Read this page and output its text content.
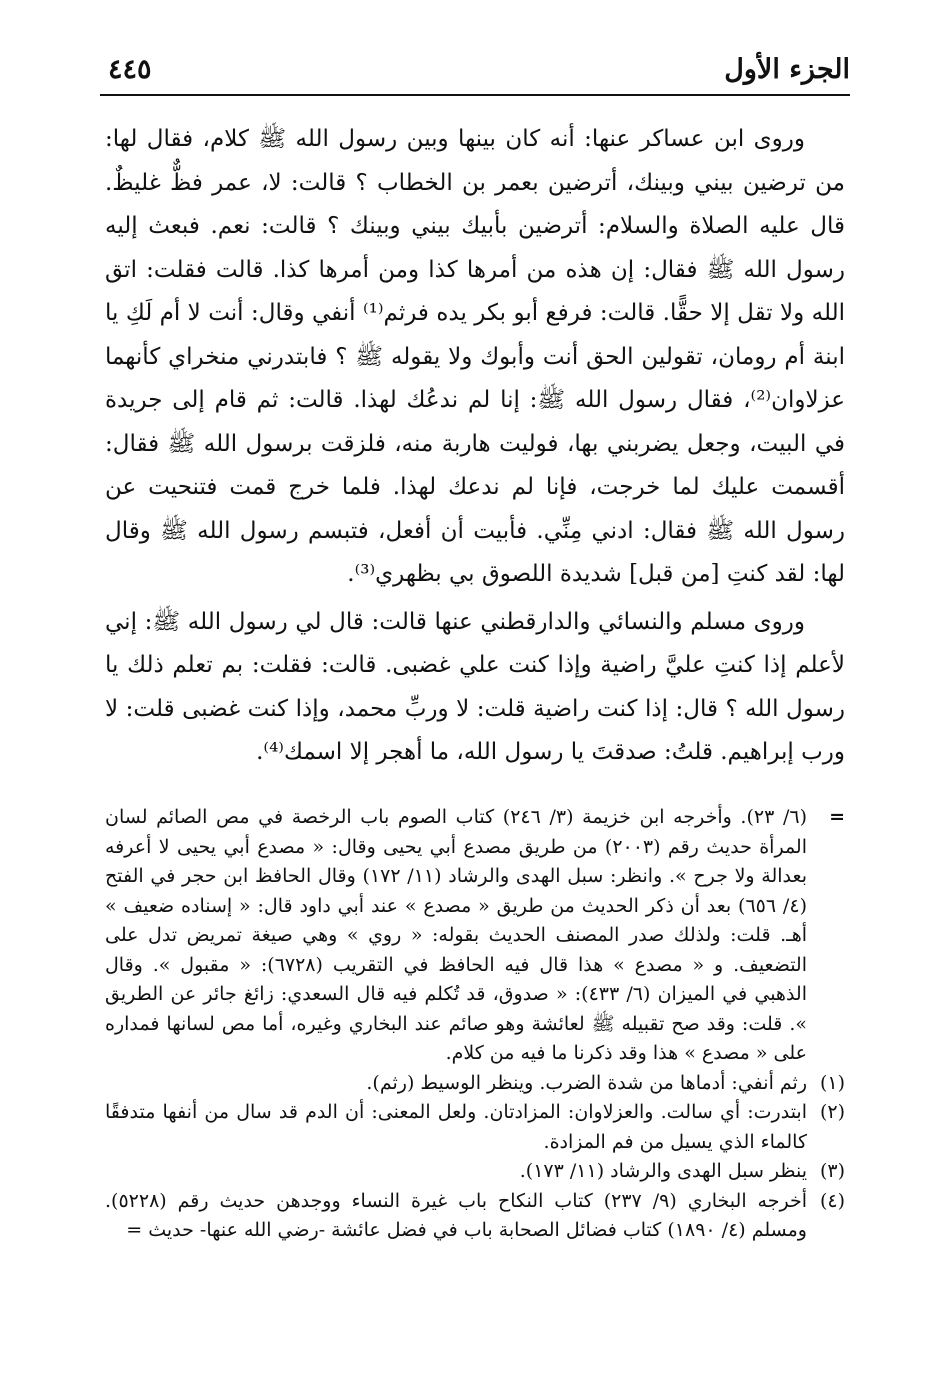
الجزء الأول
٤٤٥

وروى ابن عساكر عنها: أنه كان بينها وبين رسول الله ﷺ كلام، فقال لها: من ترضين بيني وبينك، أترضين بعمر بن الخطاب ؟ قالت: لا، عمر فظٌّ غليظٌ. قال عليه الصلاة والسلام: أترضين بأبيك بيني وبينك ؟ قالت: نعم. فبعث إليه رسول الله ﷺ فقال: إن هذه من أمرها كذا ومن أمرها كذا. قالت فقلت: اتق الله ولا تقل إلا حقًّا. قالت: فرفع أبو بكر يده فرثم⁽¹⁾ أنفي وقال: أنت لا أم لَكِ يا ابنة أم رومان، تقولين الحق أنت وأبوك ولا يقوله ﷺ ؟ فابتدرني منخراي كأنهما عزلاوان⁽²⁾، فقال رسول الله ﷺ: إنا لم ندعُك لهذا. قالت: ثم قام إلى جريدة في البيت، وجعل يضربني بها، فوليت هاربة منه، فلزقت برسول الله ﷺ فقال: أقسمت عليك لما خرجت، فإنا لم ندعك لهذا. فلما خرج قمت فتنحيت عن رسول الله ﷺ فقال: ادني مِنِّي. فأبيت أن أفعل، فتبسم رسول الله ﷺ وقال لها: لقد كنتِ [من قبل] شديدة اللصوق بي بظهري⁽³⁾.

وروى مسلم والنسائي والدارقطني عنها قالت: قال لي رسول الله ﷺ: إني لأعلم إذا كنتِ عليَّ راضية وإذا كنت علي غضبى. قالت: فقلت: بم تعلم ذلك يا رسول الله ؟ قال: إذا كنت راضية قلت: لا وربِّ محمد، وإذا كنت غضبى قلت: لا ورب إبراهيم. قلتُ: صدقتَ يا رسول الله، ما أهجر إلا اسمك⁽⁴⁾.

=
(٦/ ٢٣). وأخرجه ابن خزيمة (٣/ ٢٤٦) كتاب الصوم باب الرخصة في مص الصائم لسان المرأة حديث رقم (٢٠٠٣) من طريق مصدع أبي يحيى وقال: « مصدع أبي يحيى لا أعرفه بعدالة ولا جرح ». وانظر: سبل الهدى والرشاد (١١/ ١٧٢) وقال الحافظ ابن حجر في الفتح (٤/ ٦٥٦) بعد أن ذكر الحديث من طريق « مصدع » عند أبي داود قال: « إسناده ضعيف » أهـ. قلت: ولذلك صدر المصنف الحديث بقوله: « روي » وهي صيغة تمريض تدل على التضعيف. و « مصدع » هذا قال فيه الحافظ في التقريب (٦٧٢٨): « مقبول ». وقال الذهبي في الميزان (٦/ ٤٣٣): « صدوق، قد تُكلم فيه قال السعدي: زائغ جائر عن الطريق ». قلت: وقد صح تقبيله ﷺ لعائشة وهو صائم عند البخاري وغيره، أما مص لسانها فمداره على « مصدع » هذا وقد ذكرنا ما فيه من كلام.
(١)
رثم أنفي: أدماها من شدة الضرب. وينظر الوسيط (رثم).
(٢)
ابتدرت: أي سالت. والعزلاوان: المزادتان. ولعل المعنى: أن الدم قد سال من أنفها متدفقًا كالماء الذي يسيل من فم المزادة.
(٣)
ينظر سبل الهدى والرشاد (١١/ ١٧٣).
(٤)
أخرجه البخاري (٩/ ٢٣٧) كتاب النكاح باب غيرة النساء ووجدهن حديث رقم (٥٢٢٨). ومسلم (٤/ ١٨٩٠) كتاب فضائل الصحابة باب في فضل عائشة -رضي الله عنها- حديث =
